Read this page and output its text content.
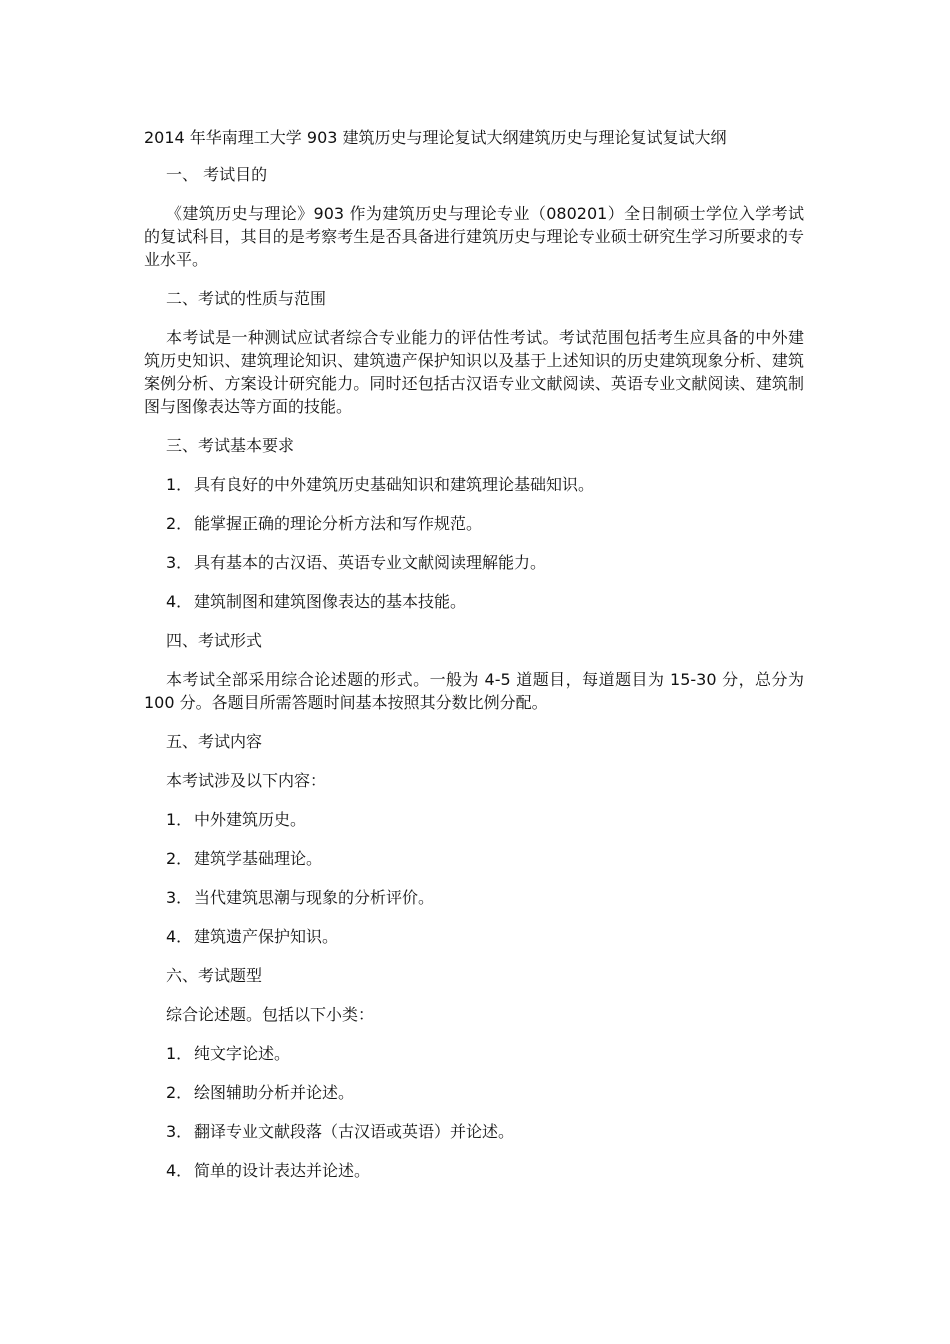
2014 年华南理工大学 903 建筑历史与理论复试大纲建筑历史与理论复试复试大纲

一、 考试目的

《建筑历史与理论》903 作为建筑历史与理论专业（080201）全日制硕士学位入学考试的复试科目，其目的是考察考生是否具备进行建筑历史与理论专业硕士研究生学习所要求的专业水平。

二、考试的性质与范围

本考试是一种测试应试者综合专业能力的评估性考试。考试范围包括考生应具备的中外建筑历史知识、建筑理论知识、建筑遗产保护知识以及基于上述知识的历史建筑现象分析、建筑案例分析、方案设计研究能力。同时还包括古汉语专业文献阅读、英语专业文献阅读、建筑制图与图像表达等方面的技能。

三、考试基本要求

1． 具有良好的中外建筑历史基础知识和建筑理论基础知识。

2． 能掌握正确的理论分析方法和写作规范。

3． 具有基本的古汉语、英语专业文献阅读理解能力。

4． 建筑制图和建筑图像表达的基本技能。

四、考试形式

本考试全部采用综合论述题的形式。一般为 4-5 道题目，每道题目为 15-30 分，总分为 100 分。各题目所需答题时间基本按照其分数比例分配。

五、考试内容

本考试涉及以下内容：

1． 中外建筑历史。

2． 建筑学基础理论。

3． 当代建筑思潮与现象的分析评价。

4． 建筑遗产保护知识。

六、考试题型

综合论述题。包括以下小类：

1． 纯文字论述。

2． 绘图辅助分析并论述。

3． 翻译专业文献段落（古汉语或英语）并论述。

4． 简单的设计表达并论述。
